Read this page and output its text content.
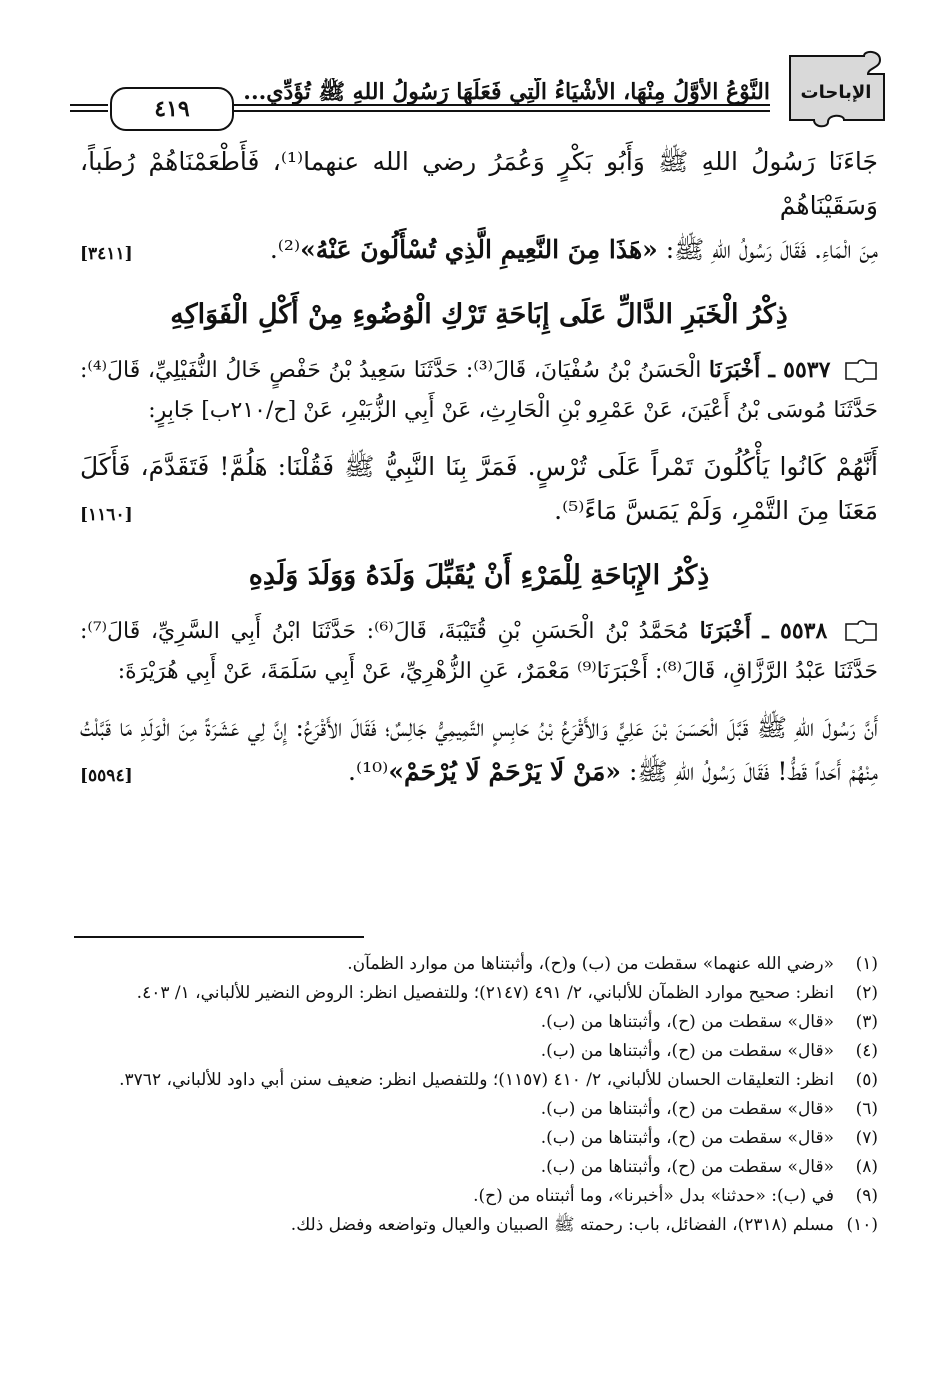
الإباحات
النَّوْعُ الأَوَّلُ مِنْهَا، الأَشْيَاءُ الَّتِي فَعَلَهَا رَسُولُ اللهِ ﷺ تُؤَدِّي...
٤١٩

جَاءَنَا رَسُولُ اللهِ ﷺ وَأَبُو بَكْرٍ وَعُمَرُ رضي الله عنهما⁽¹⁾، فَأَطْعَمْنَاهُمْ رُطَباً، وَسَقَيْنَاهُمْ

[٣٤١١]	مِنَ الْمَاءِ. فَقَالَ رَسُولُ اللهِ ﷺ: «هَذَا مِنَ النَّعِيمِ الَّذِي تُسْأَلُونَ عَنْهُ»⁽²⁾.

ذِكْرُ الْخَبَرِ الدَّالِّ عَلَى إِبَاحَةِ تَرْكِ الْوُضُوءِ مِنْ أَكْلِ الْفَوَاكِهِ

٥٥٣٧ ـ أَخْبَرَنَا الْحَسَنُ بْنُ سُفْيَانَ، قَالَ⁽³⁾: حَدَّثَنَا سَعِيدُ بْنُ حَفْصٍ خَالُ النُّفَيْلِيِّ، قَالَ⁽⁴⁾: حَدَّثَنَا مُوسَى بْنُ أَعْيَنَ، عَنْ عَمْرِو بْنِ الْحَارِثِ، عَنْ أَبِي الزُّبَيْرِ، عَنْ [ح/٢١٠ب] جَابِرٍ:

أَنَّهُمْ كَانُوا يَأْكُلُونَ تَمْراً عَلَى تُرْسٍ. فَمَرَّ بِنَا النَّبِيُّ ﷺ فَقُلْنَا: هَلُمَّ! فَتَقَدَّمَ، فَأَكَلَ مَعَنَا مِنَ التَّمْرِ، وَلَمْ يَمَسَّ مَاءً⁽⁵⁾.
[١١٦٠]

ذِكْرُ الإِبَاحَةِ لِلْمَرْءِ أَنْ يُقَبِّلَ وَلَدَهُ وَوَلَدَ وَلَدِهِ

٥٥٣٨ ـ أَخْبَرَنَا مُحَمَّدُ بْنُ الْحَسَنِ بْنِ قُتَيْبَةَ، قَالَ⁽⁶⁾: حَدَّثَنَا ابْنُ أَبِي السَّرِيِّ، قَالَ⁽⁷⁾: حَدَّثَنَا عَبْدُ الرَّزَّاقِ، قَالَ⁽⁸⁾: أَخْبَرَنَا⁽⁹⁾ مَعْمَرٌ، عَنِ الزُّهْرِيِّ، عَنْ أَبِي سَلَمَةَ، عَنْ أَبِي هُرَيْرَةَ:

أَنَّ رَسُولَ اللهِ ﷺ قَبَّلَ الْحَسَنَ بْنَ عَلِيٍّ وَالأَقْرَعُ بْنُ حَابِسٍ التَّمِيمِيُّ جَالِسٌ؛ فَقَالَ الأَقْرَعُ: إِنَّ لِي عَشَرَةً مِنَ الْوَلَدِ مَا قَبَّلْتُ مِنْهُمْ أَحَداً قَطُّ! فَقَالَ رَسُولُ اللهِ ﷺ: «مَنْ لَا يَرْحَمْ لَا يُرْحَمْ»⁽¹⁰⁾.
[٥٥٩٤]

(١)
«رضي الله عنهما» سقطت من (ب) و(ح)، وأثبتناها من موارد الظمآن.
(٢)
انظر: صحيح موارد الظمآن للألباني، ٢/ ٤٩١ (٢١٤٧)؛ وللتفصيل انظر: الروض النضير للألباني، ١/ ٤٠٣.
(٣)
«قال» سقطت من (ح)، وأثبتناها من (ب).
(٤)
«قال» سقطت من (ح)، وأثبتناها من (ب).
(٥)
انظر: التعليقات الحسان للألباني، ٢/ ٤١٠ (١١٥٧)؛ وللتفصيل انظر: ضعيف سنن أبي داود للألباني، ٣٧٦٢.
(٦)
«قال» سقطت من (ح)، وأثبتناها من (ب).
(٧)
«قال» سقطت من (ح)، وأثبتناها من (ب).
(٨)
«قال» سقطت من (ح)، وأثبتناها من (ب).
(٩)
في (ب): «حدثنا» بدل «أخبرنا»، وما أثبتناه من (ح).
(١٠)
مسلم (٢٣١٨)، الفضائل، باب: رحمته ﷺ الصبيان والعيال وتواضعه وفضل ذلك.
